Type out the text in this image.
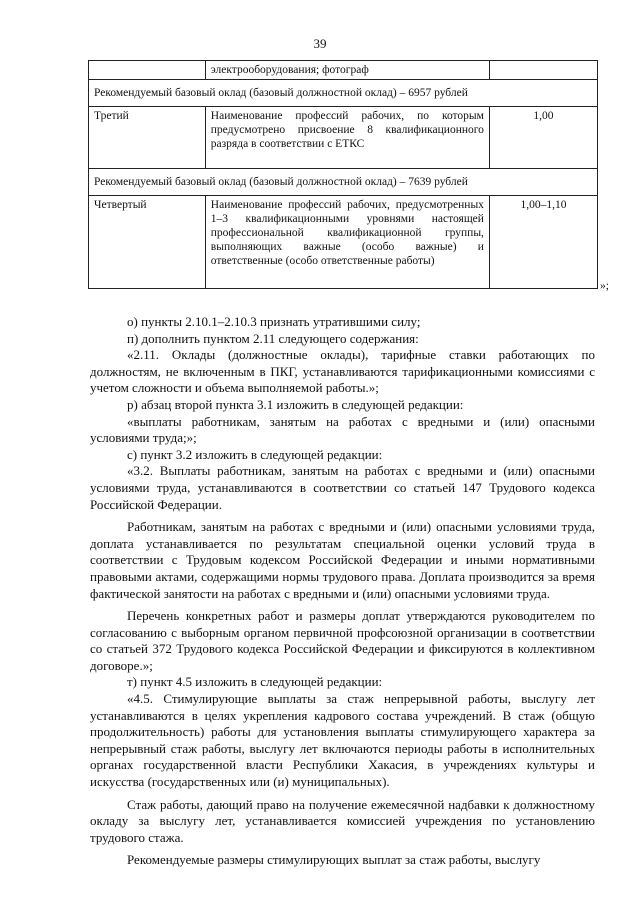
39
	электрооборудования; фотограф	
Рекомендуемый базовый оклад (базовый должностной оклад) – 6957 рублей		
Третий	Наименование профессий рабочих, по которым предусмотрено присвоение 8 квалификационного разряда в соответствии с ЕТКС	1,00
Рекомендуемый базовый оклад (базовый должностной оклад) – 7639 рублей		
Четвертый	Наименование профессий рабочих, предусмотренных 1–3 квалификационными уровнями настоящей профессиональной квалификационной группы, выполняющих важные (особо важные) и ответственные (особо ответственные работы)	1,00–1,10
»;

о) пункты 2.10.1–2.10.3 признать утратившими силу;

п) дополнить пунктом 2.11 следующего содержания:

«2.11. Оклады (должностные оклады), тарифные ставки работающих по должностям, не включенным в ПКГ, устанавливаются тарификационными комиссиями с учетом сложности и объема выполняемой работы.»;

р) абзац второй пункта 3.1 изложить в следующей редакции:

«выплаты работникам, занятым на работах с вредными и (или) опасными условиями труда;»;

с) пункт 3.2 изложить в следующей редакции:

«3.2. Выплаты работникам, занятым на работах с вредными и (или) опасными условиями труда, устанавливаются в соответствии со статьей 147 Трудового кодекса Российской Федерации.

Работникам, занятым на работах с вредными и (или) опасными условиями труда, доплата устанавливается по результатам специальной оценки условий труда в соответствии с Трудовым кодексом Российской Федерации и иными нормативными правовыми актами, содержащими нормы трудового права. Доплата производится за время фактической занятости на работах с вредными и (или) опасными условиями труда.

Перечень конкретных работ и размеры доплат утверждаются руководителем по согласованию с выборным органом первичной профсоюзной организации в соответствии со статьей 372 Трудового кодекса Российской Федерации и фиксируются в коллективном договоре.»;

т) пункт 4.5 изложить в следующей редакции:

«4.5. Стимулирующие выплаты за стаж непрерывной работы, выслугу лет устанавливаются в целях укрепления кадрового состава учреждений. В стаж (общую продолжительность) работы для установления выплаты стимулирующего характера за непрерывный стаж работы, выслугу лет включаются периоды работы в исполнительных органах государственной власти Республики Хакасия, в учреждениях культуры и искусства (государственных или (и) муниципальных).

Стаж работы, дающий право на получение ежемесячной надбавки к должностному окладу за выслугу лет, устанавливается комиссией учреждения по установлению трудового стажа.

Рекомендуемые размеры стимулирующих выплат за стаж работы, выслугу
